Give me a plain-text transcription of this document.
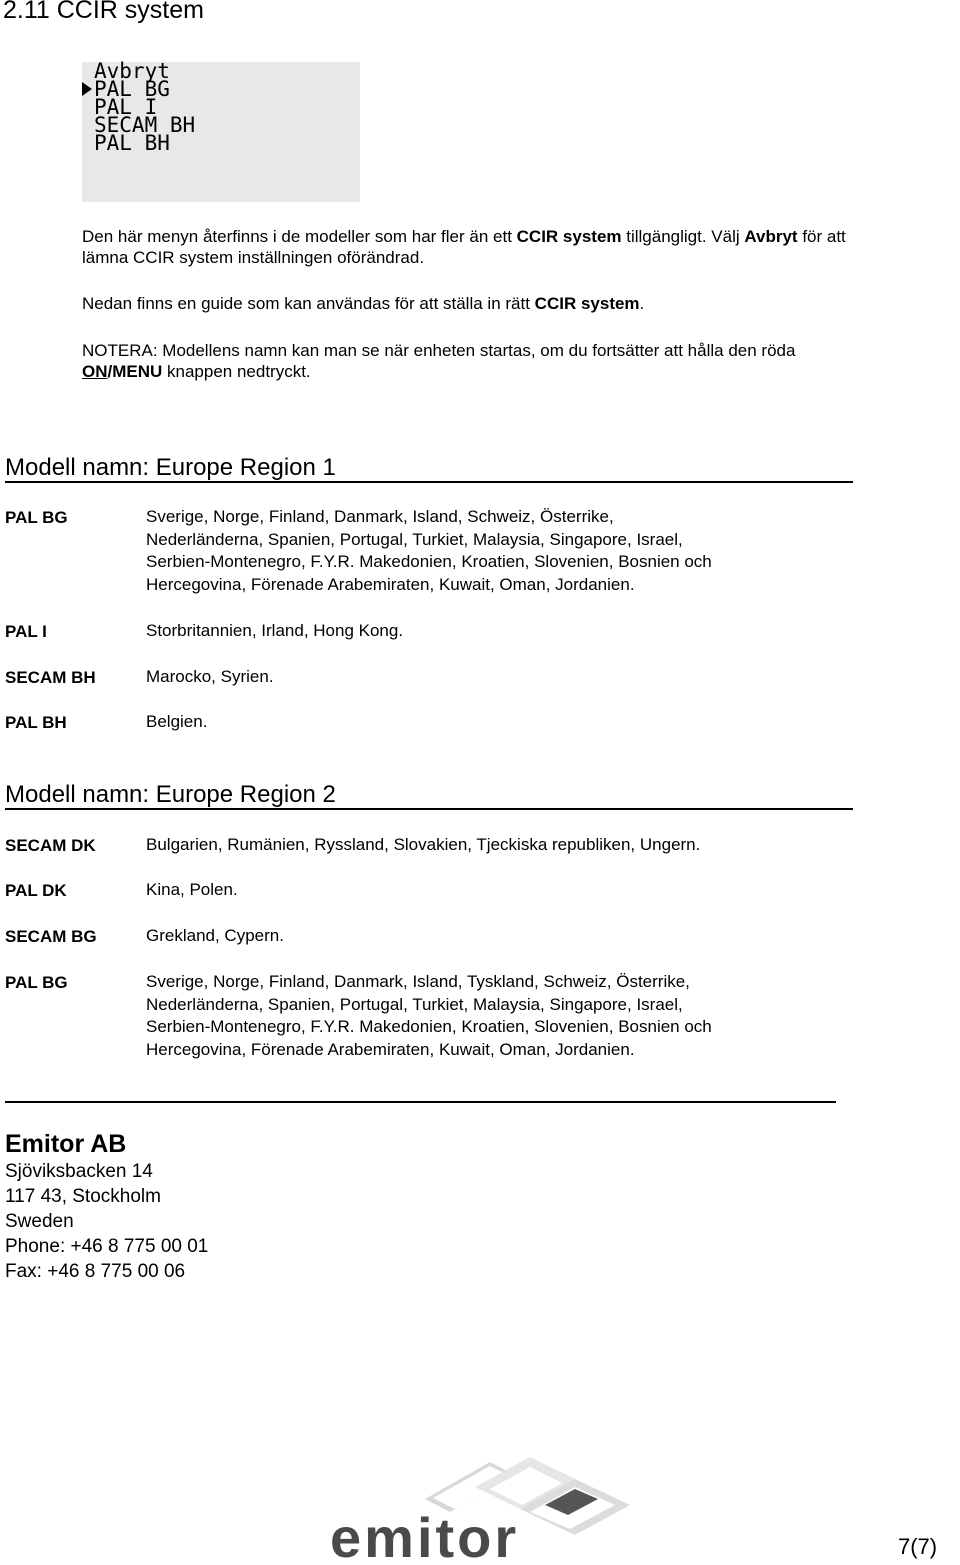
2.11 CCIR system
Avbryt
PAL BG
PAL I
SECAM BH
PAL BH
Den här menyn återfinns i de modeller som har fler än ett CCIR system tillgängligt. Välj Avbryt för att
lämna CCIR system inställningen oförändrad.
Nedan finns en guide som kan användas för att ställa in rätt CCIR system.
NOTERA: Modellens namn kan man se när enheten startas, om du fortsätter att hålla den röda
ON/MENU knappen nedtryckt.
Modell namn: Europe Region 1
PAL BG	Sverige, Norge, Finland, Danmark, Island, Schweiz, Österrike,
Nederländerna, Spanien, Portugal, Turkiet, Malaysia, Singapore, Israel,
Serbien-Montenegro, F.Y.R. Makedonien, Kroatien, Slovenien, Bosnien och
Hercegovina, Förenade Arabemiraten, Kuwait, Oman, Jordanien.
PAL I	Storbritannien, Irland, Hong Kong.
SECAM BH	Marocko, Syrien.
PAL BH	Belgien.
Modell namn: Europe Region 2
SECAM DK	Bulgarien, Rumänien, Ryssland, Slovakien, Tjeckiska republiken, Ungern.
PAL DK	Kina, Polen.
SECAM BG	Grekland, Cypern.
PAL BG	Sverige, Norge, Finland, Danmark, Island, Tyskland, Schweiz, Österrike,
Nederländerna, Spanien, Portugal, Turkiet, Malaysia, Singapore, Israel,
Serbien-Montenegro, F.Y.R. Makedonien, Kroatien, Slovenien, Bosnien och
Hercegovina, Förenade Arabemiraten, Kuwait, Oman, Jordanien.
Emitor AB
Sjöviksbacken 14
117 43, Stockholm
Sweden
Phone: +46 8 775 00 01
Fax: +46 8 775 00 06
emitor	7(7)
